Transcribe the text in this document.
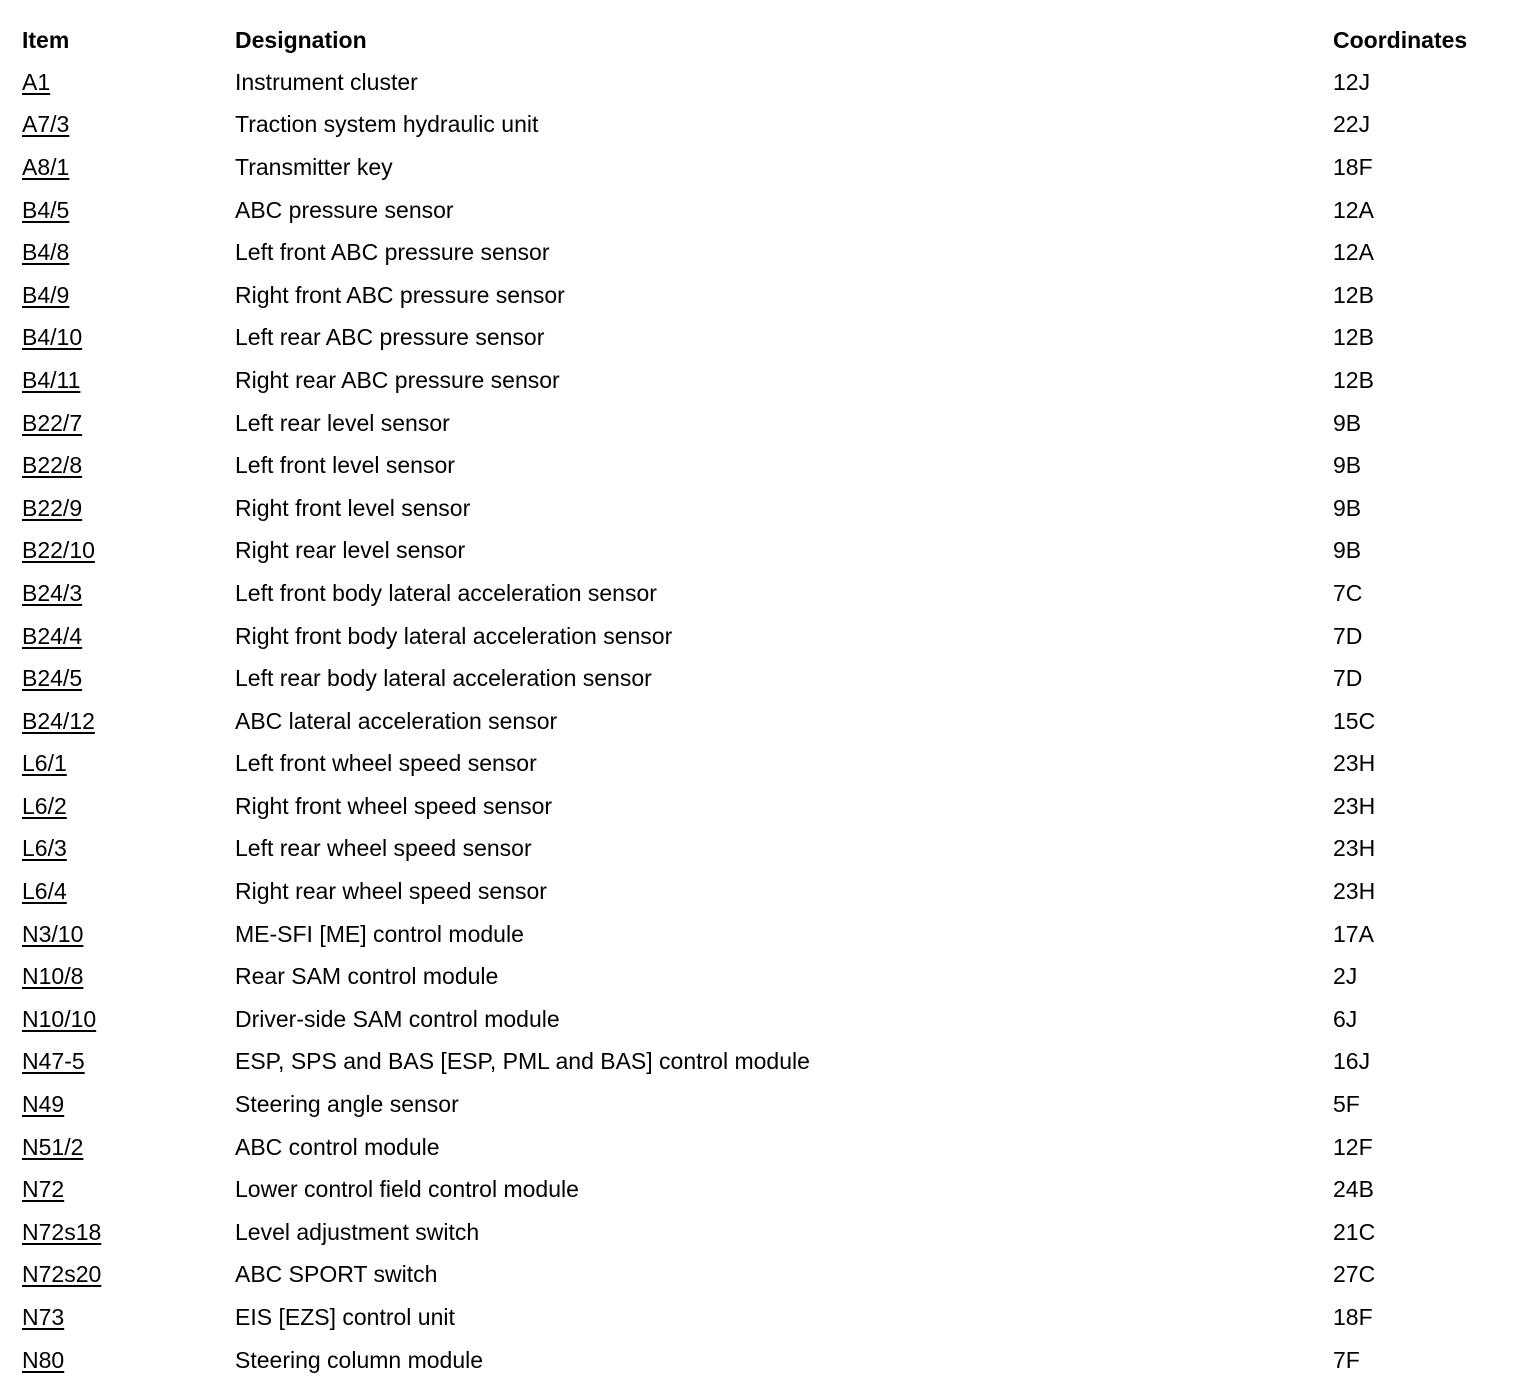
Item	Designation	Coordinates
A1	Instrument cluster	12J
A7/3	Traction system hydraulic unit	22J
A8/1	Transmitter key	18F
B4/5	ABC pressure sensor	12A
B4/8	Left front ABC pressure sensor	12A
B4/9	Right front ABC pressure sensor	12B
B4/10	Left rear ABC pressure sensor	12B
B4/11	Right rear ABC pressure sensor	12B
B22/7	Left rear level sensor	9B
B22/8	Left front level sensor	9B
B22/9	Right front level sensor	9B
B22/10	Right rear level sensor	9B
B24/3	Left front body lateral acceleration sensor	7C
B24/4	Right front body lateral acceleration sensor	7D
B24/5	Left rear body lateral acceleration sensor	7D
B24/12	ABC lateral acceleration sensor	15C
L6/1	Left front wheel speed sensor	23H
L6/2	Right front wheel speed sensor	23H
L6/3	Left rear wheel speed sensor	23H
L6/4	Right rear wheel speed sensor	23H
N3/10	ME-SFI [ME] control module	17A
N10/8	Rear SAM control module	2J
N10/10	Driver-side SAM control module	6J
N47-5	ESP, SPS and BAS [ESP, PML and BAS] control module	16J
N49	Steering angle sensor	5F
N51/2	ABC control module	12F
N72	Lower control field control module	24B
N72s18	Level adjustment switch	21C
N72s20	ABC SPORT switch	27C
N73	EIS [EZS] control unit	18F
N80	Steering column module	7F
